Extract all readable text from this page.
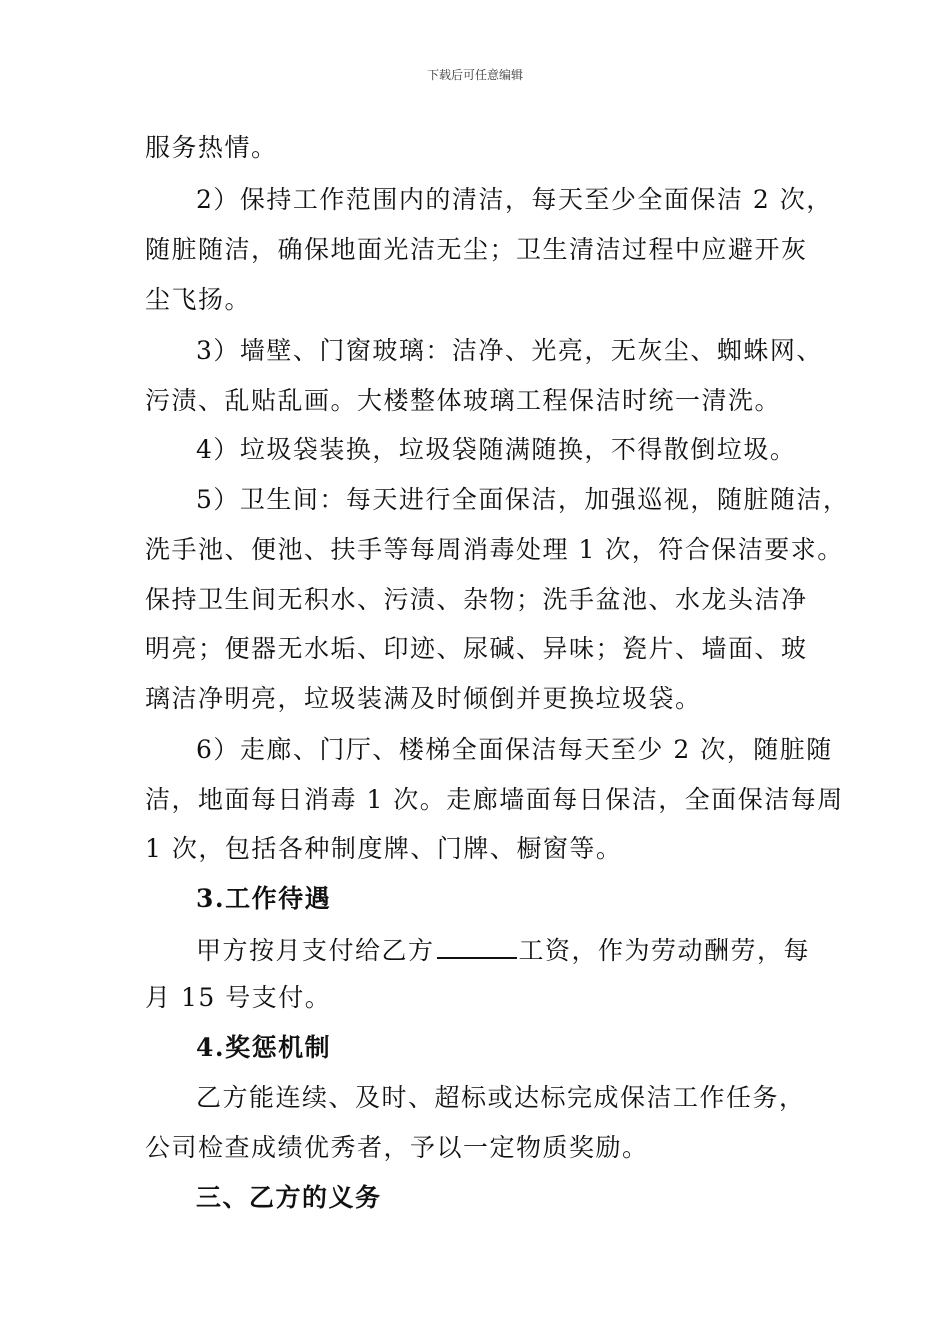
下载后可任意编辑
服务热情。
2）保持工作范围内的清洁，每天至少全面保洁 2 次，
随脏随洁，确保地面光洁无尘；卫生清洁过程中应避开灰
尘飞扬。
3）墙壁、门窗玻璃：洁净、光亮，无灰尘、蜘蛛网、
污渍、乱贴乱画。大楼整体玻璃工程保洁时统一清洗。
4）垃圾袋装换，垃圾袋随满随换，不得散倒垃圾。
5）卫生间：每天进行全面保洁，加强巡视，随脏随洁，
洗手池、便池、扶手等每周消毒处理 1 次，符合保洁要求。
保持卫生间无积水、污渍、杂物；洗手盆池、水龙头洁净
明亮；便器无水垢、印迹、尿碱、异味；瓷片、墙面、玻
璃洁净明亮，垃圾装满及时倾倒并更换垃圾袋。
6）走廊、门厅、楼梯全面保洁每天至少 2 次，随脏随
洁，地面每日消毒 1 次。走廊墙面每日保洁，全面保洁每周
1 次，包括各种制度牌、门牌、橱窗等。
3.工作待遇
甲方按月支付给乙方	工资，作为劳动酬劳，每
月 15 号支付。
4.奖惩机制
乙方能连续、及时、超标或达标完成保洁工作任务，
公司检查成绩优秀者，予以一定物质奖励。
三、乙方的义务
